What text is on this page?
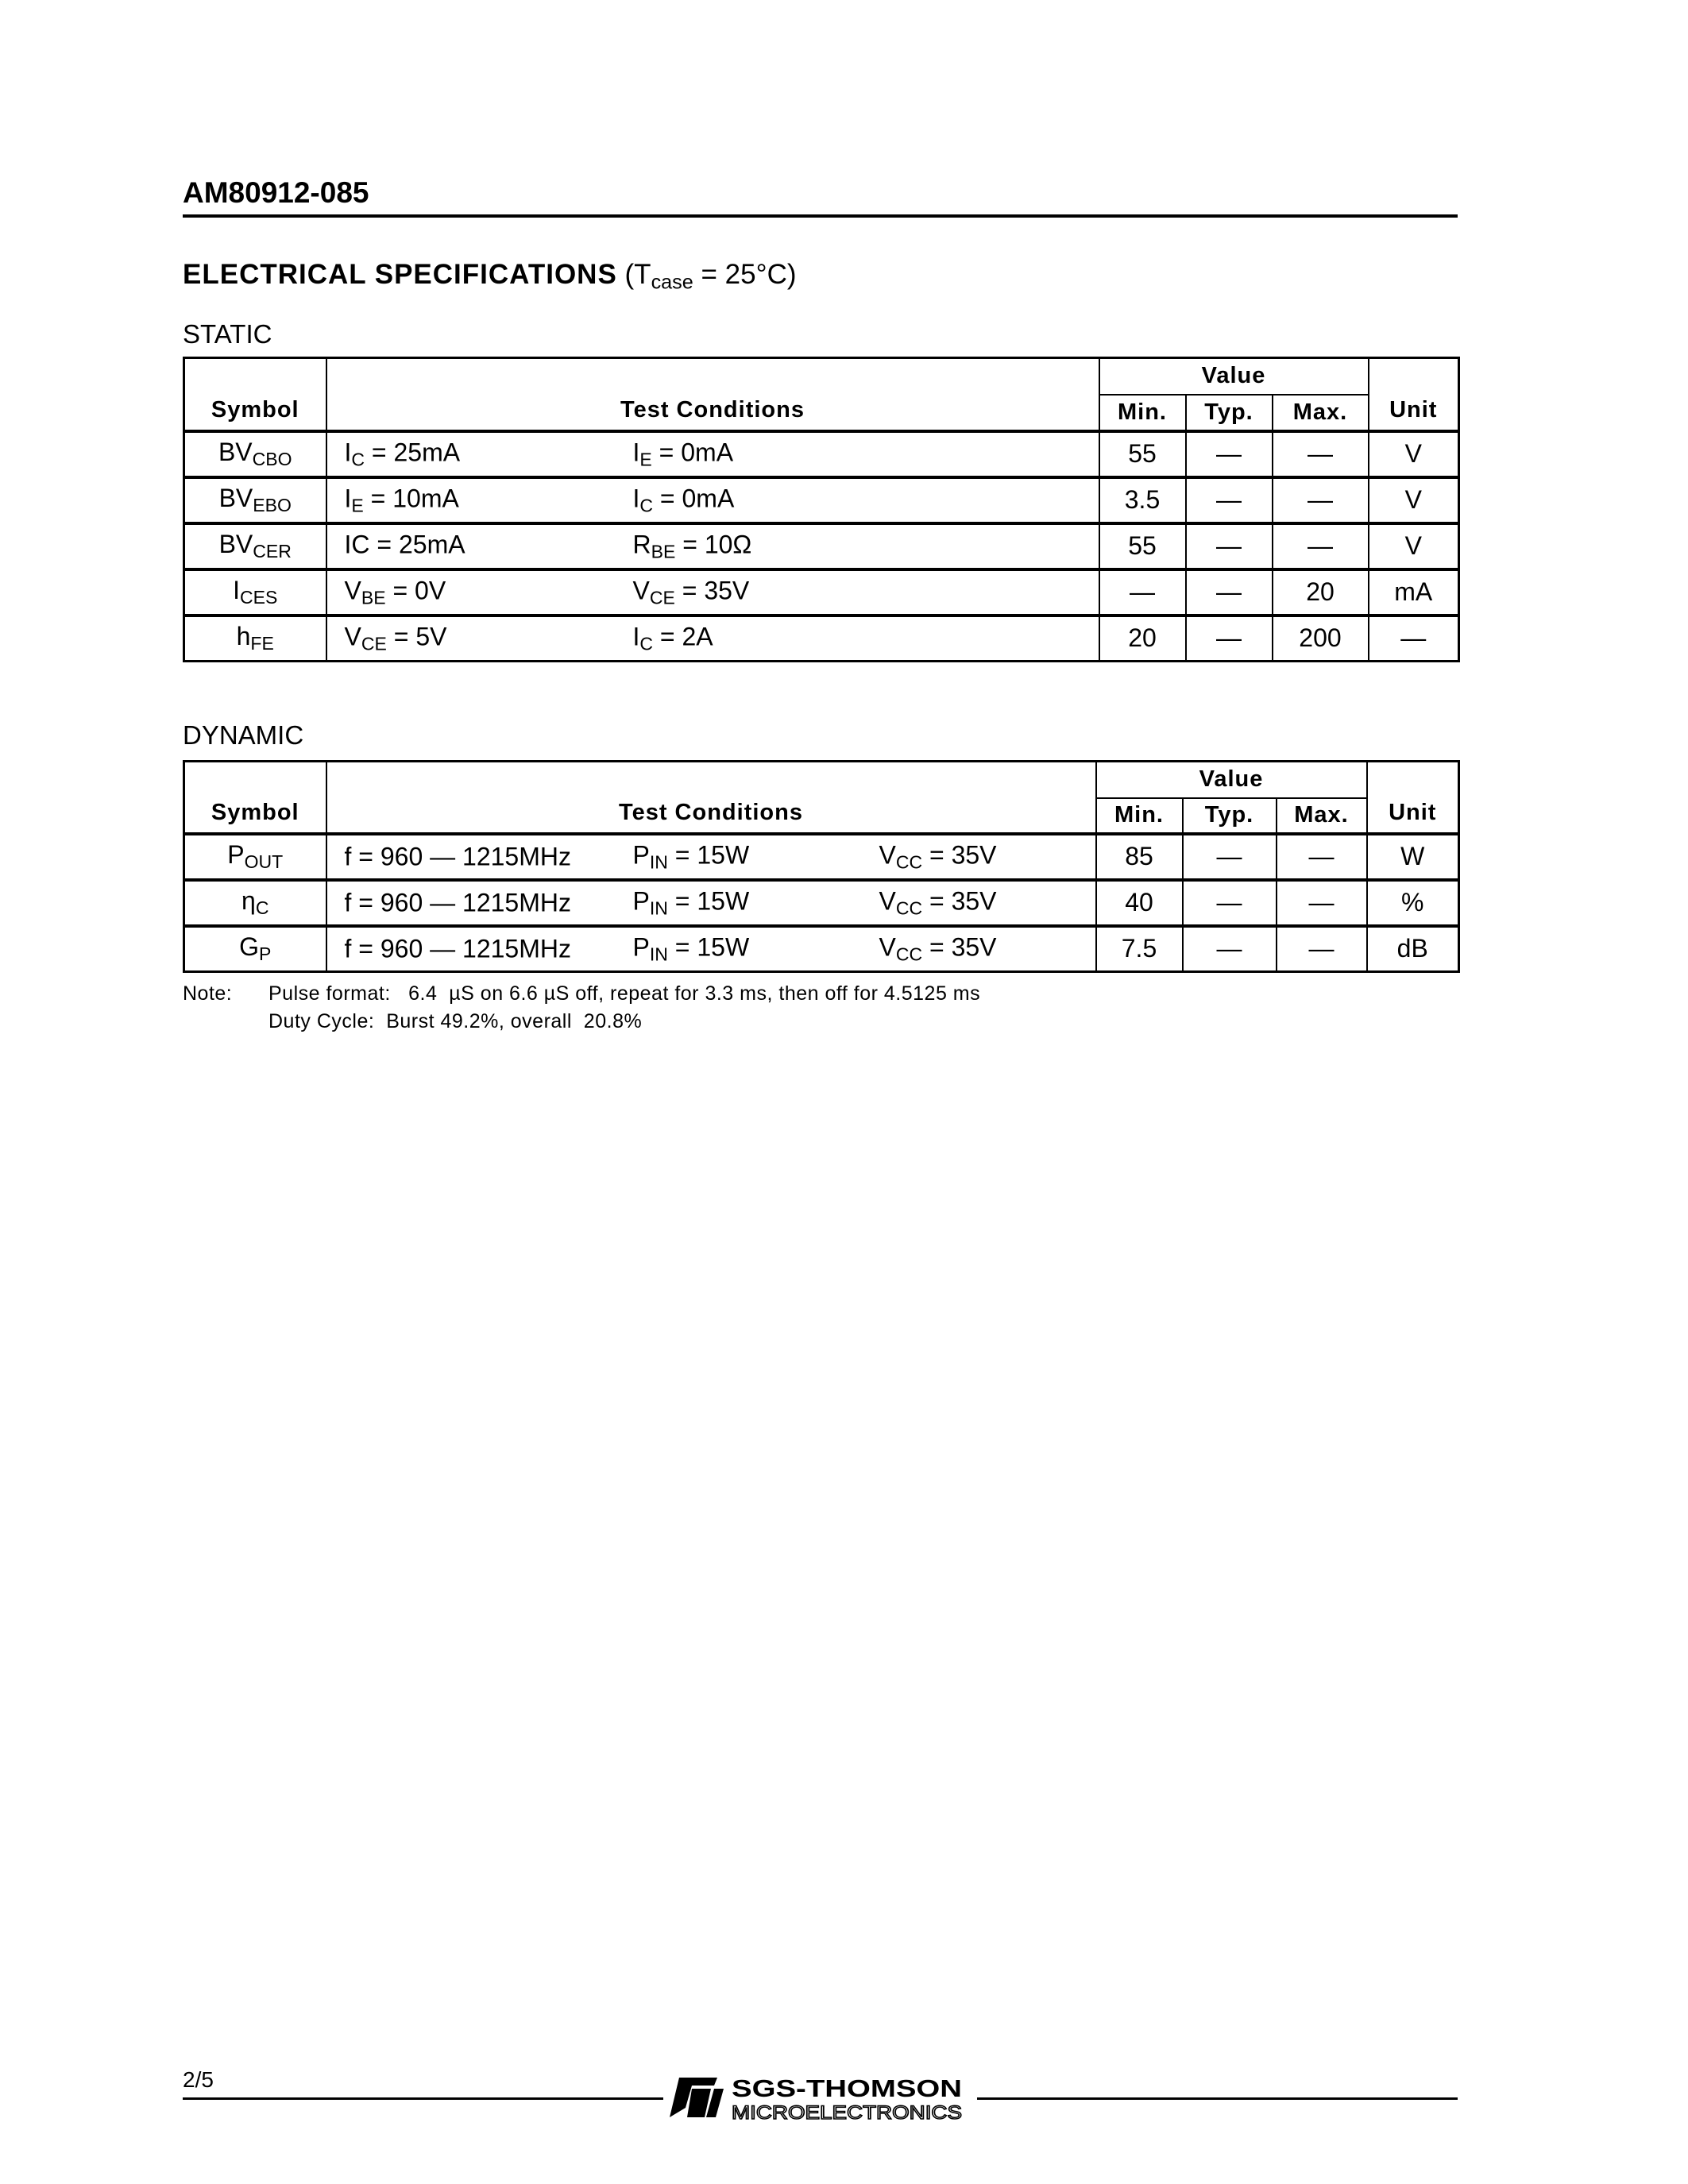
AM80912-085
ELECTRICAL SPECIFICATIONS $(T_{case} = 25^\circ C)$
STATIC
Symbol	Test Conditions	Value			Unit
		Min.	Typ.	Max.	
$BV_{CBO}$	$I_C = 25mA$ $I_E = 0mA$	55	—	—	V
$BV_{EBO}$	$I_E = 10mA$ $I_C = 0mA$	3.5	—	—	V
$BV_{CER}$	IC = 25mA $R_{BE} = 10\Omega$	55	—	—	V
$I_{CES}$	$V_{BE} = 0V$ $V_{CE} = 35V$	—	—	20	mA
$h_{FE}$	$V_{CE} = 5V$ $I_C = 2A$	20	—	200	—
DYNAMIC
Symbol	Test Conditions	Value			Unit
		Min.	Typ.	Max.	
$P_{OUT}$	f = 960 — 1215MHz $P_{IN} = 15W$ $V_{CC} = 35V$	85	—	—	W
$\eta_C$	f = 960 — 1215MHz $P_{IN} = 15W$ $V_{CC} = 35V$	40	—	—	%
$G_P$	f = 960 — 1215MHz $P_{IN} = 15W$ $V_{CC} = 35V$	7.5	—	—	dB
Note: Pulse format:   6.4  µS on 6.6 µS off, repeat for 3.3 ms, then off for 4.5125 ms
Duty Cycle:  Burst 49.2%, overall  20.8%
2/5	SGS-THOMSON
MICROELECTRONICS
